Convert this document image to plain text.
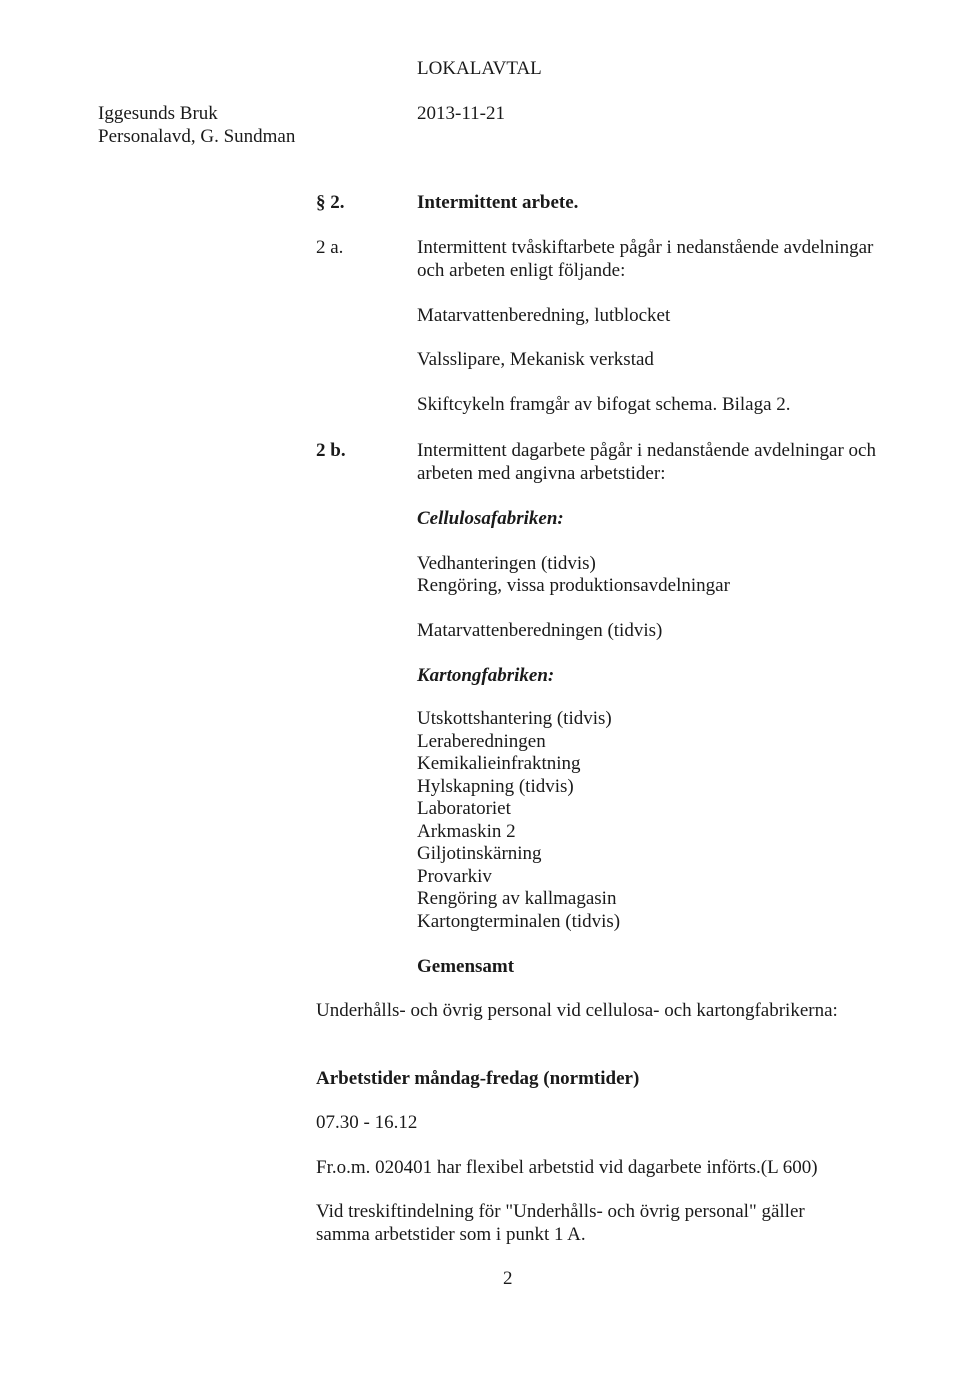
LOKALAVTAL
Iggesunds Bruk	2013-11-21
Personalavd, G. Sundman
§ 2.	Intermittent arbete.
2 a.	Intermittent tvåskiftarbete pågår i nedanstående avdelningar
och arbeten enligt följande:
Matarvattenberedning, lutblocket
Valsslipare, Mekanisk verkstad
Skiftcykeln framgår av bifogat schema. Bilaga 2.
2 b.	Intermittent dagarbete pågår i nedanstående avdelningar och
arbeten med angivna arbetstider:
Cellulosafabriken:
Vedhanteringen (tidvis)
Rengöring, vissa produktionsavdelningar
Matarvattenberedningen (tidvis)
Kartongfabriken:
Utskottshantering (tidvis)
Leraberedningen
Kemikalieinfraktning
Hylskapning (tidvis)
Laboratoriet
Arkmaskin 2
Giljotinskärning
Provarkiv
Rengöring av kallmagasin
Kartongterminalen (tidvis)
Gemensamt
Underhålls- och övrig personal vid cellulosa- och kartongfabrikerna:
Arbetstider måndag-fredag (normtider)
07.30 - 16.12
Fr.o.m. 020401 har flexibel arbetstid vid dagarbete införts.(L 600)
Vid treskiftindelning för "Underhålls- och övrig personal" gäller
samma arbetstider som i punkt 1 A.
2
